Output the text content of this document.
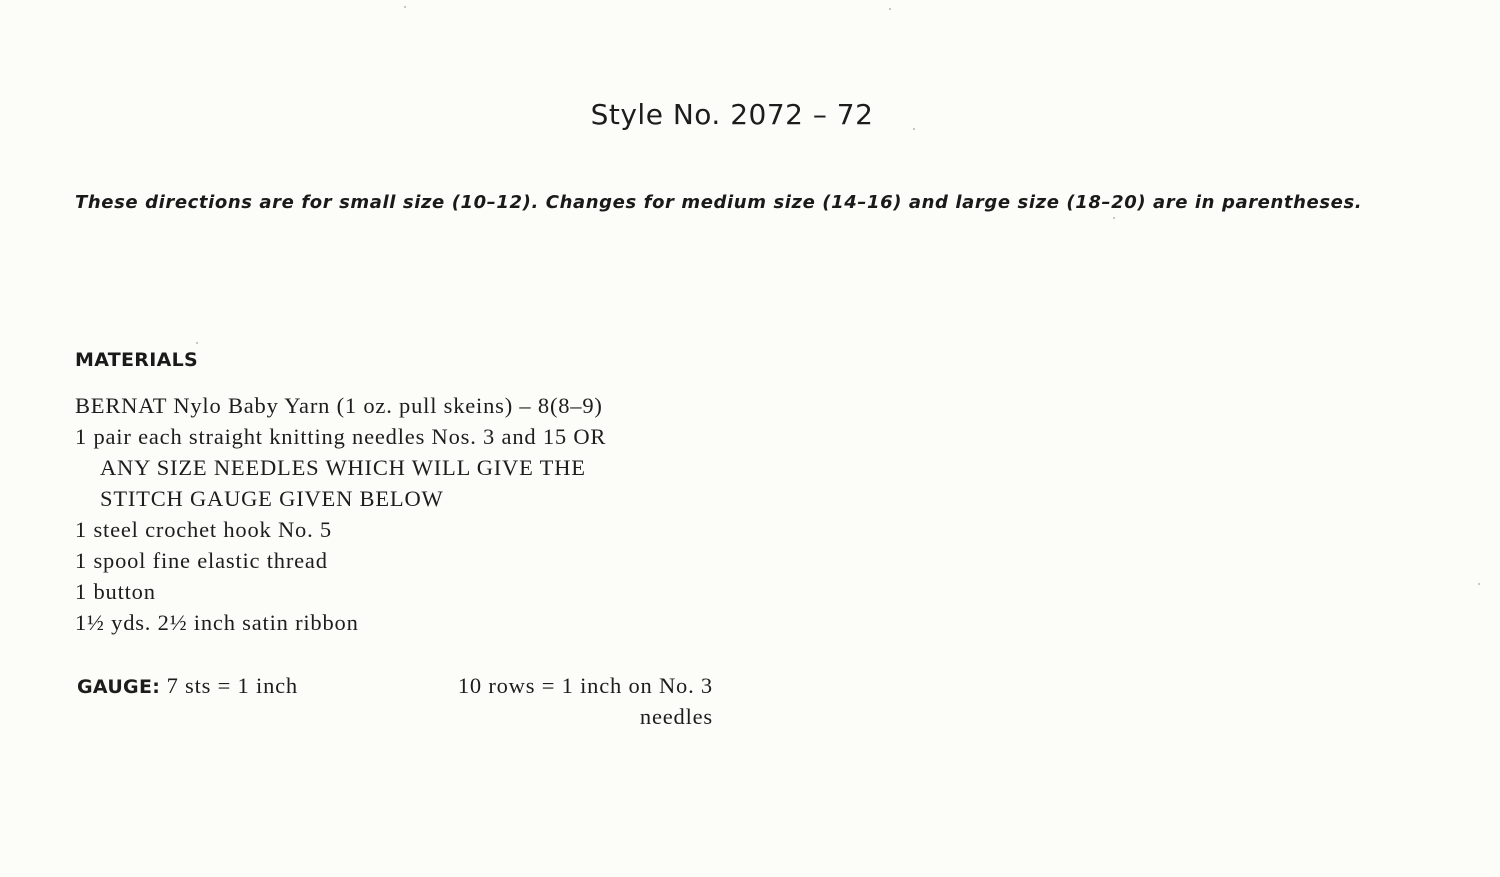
Style No. 2072 – 72
These directions are for small size (10–12). Changes for medium size (14–16) and large size (18–20) are in parentheses.
MATERIALS
BERNAT Nylo Baby Yarn (1 oz. pull skeins) – 8(8–9)
1 pair each straight knitting needles Nos. 3 and 15 OR
ANY SIZE NEEDLES WHICH WILL GIVE THE
STITCH GAUGE GIVEN BELOW
1 steel crochet hook No. 5
1 spool fine elastic thread
1 button
1½ yds. 2½ inch satin ribbon
GAUGE: 7 sts = 1 inch	10 rows = 1 inch on No. 3
needles
